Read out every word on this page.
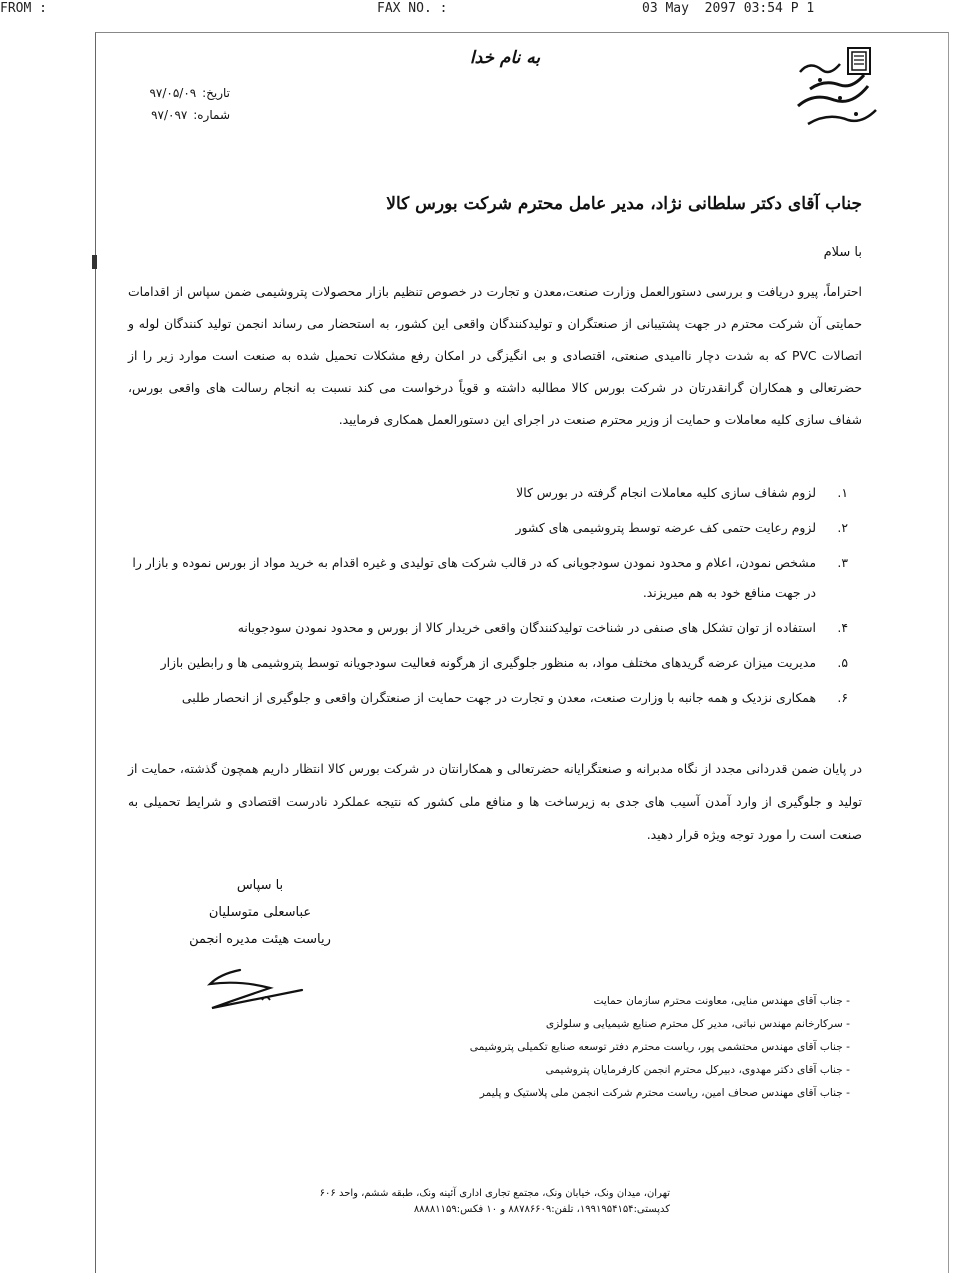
FROM :	FAX NO. :	03 May  2097 03:54 P 1
به نام خدا
تاریخ: ۹۷/۰۵/۰۹
شماره: ۹۷/۰۹۷
جناب آقای دکتر سلطانی نژاد، مدیر عامل محترم شرکت بورس کالا
با سلام

احتراماً، پیرو دریافت و بررسی دستورالعمل وزارت صنعت،معدن و تجارت در خصوص تنظیم بازار محصولات پتروشیمی ضمن سپاس از اقدامات حمایتی آن شرکت محترم در جهت پشتیبانی از صنعتگران و تولیدکنندگان واقعی این کشور، به استحضار می رساند انجمن تولید کنندگان لوله و اتصالات PVC که به شدت دچار ناامیدی صنعتی، اقتصادی و بی انگیزگی در امکان رفع مشکلات تحمیل شده به صنعت است موارد زیر را از حضرتعالی و همکاران گرانقدرتان در شرکت بورس کالا مطالبه داشته و قویاً درخواست می کند نسبت به انجام رسالت های واقعی بورس، شفاف سازی کلیه معاملات و حمایت از وزیر محترم صنعت در اجرای این دستورالعمل همکاری فرمایید.

۱.
لزوم شفاف سازی کلیه معاملات انجام گرفته در بورس کالا
۲.
لزوم رعایت حتمی کف عرضه توسط پتروشیمی های کشور
۳.
مشخص نمودن، اعلام و محدود نمودن سودجویانی که در قالب شرکت های تولیدی و غیره اقدام به خرید مواد از بورس نموده و بازار را در جهت منافع خود به هم میریزند.
۴.
استفاده از توان تشکل های صنفی در شناخت تولیدکنندگان واقعی خریدار کالا از بورس و محدود نمودن سودجویانه
۵.
مدیریت میزان عرضه گریدهای مختلف مواد، به منظور جلوگیری از هرگونه فعالیت سودجویانه توسط پتروشیمی ها و رابطین بازار
۶.
همکاری نزدیک و همه جانبه با وزارت صنعت، معدن و تجارت در جهت حمایت از صنعتگران واقعی و جلوگیری از انحصار طلبی

در پایان ضمن قدردانی مجدد از نگاه مدبرانه و صنعتگرایانه حضرتعالی و همکارانتان در شرکت بورس کالا انتظار داریم همچون گذشته، حمایت از تولید و جلوگیری از وارد آمدن آسیب های جدی به زیرساخت ها و منافع ملی کشور که نتیجه عملکرد نادرست اقتصادی و شرایط تحمیلی به صنعت است را مورد توجه ویژه قرار دهید.

با سپاس
عباسعلی متوسلیان
ریاست هیئت مدیره انجمن
- جناب آقای مهندس منایی، معاونت محترم سازمان حمایت
- سرکارخانم مهندس نباتی، مدیر کل محترم صنایع شیمیایی و سلولزی
- جناب آقای مهندس محتشمی پور، ریاست محترم دفتر توسعه صنایع تکمیلی پتروشیمی
- جناب آقای دکتر مهدوی، دبیرکل محترم انجمن کارفرمایان پتروشیمی
- جناب آقای مهندس صحاف امین، ریاست محترم شرکت انجمن ملی پلاستیک و پلیمر
تهران، میدان ونک، خیابان ونک، مجتمع تجاری اداری آئینه ونک، طبقه ششم، واحد ۶۰۶
کدپستی:۱۹۹۱۹۵۴۱۵۴، تلفن:۸۸۷۸۶۶۰۹ و ۱۰ فکس:۸۸۸۸۱۱۵۹
